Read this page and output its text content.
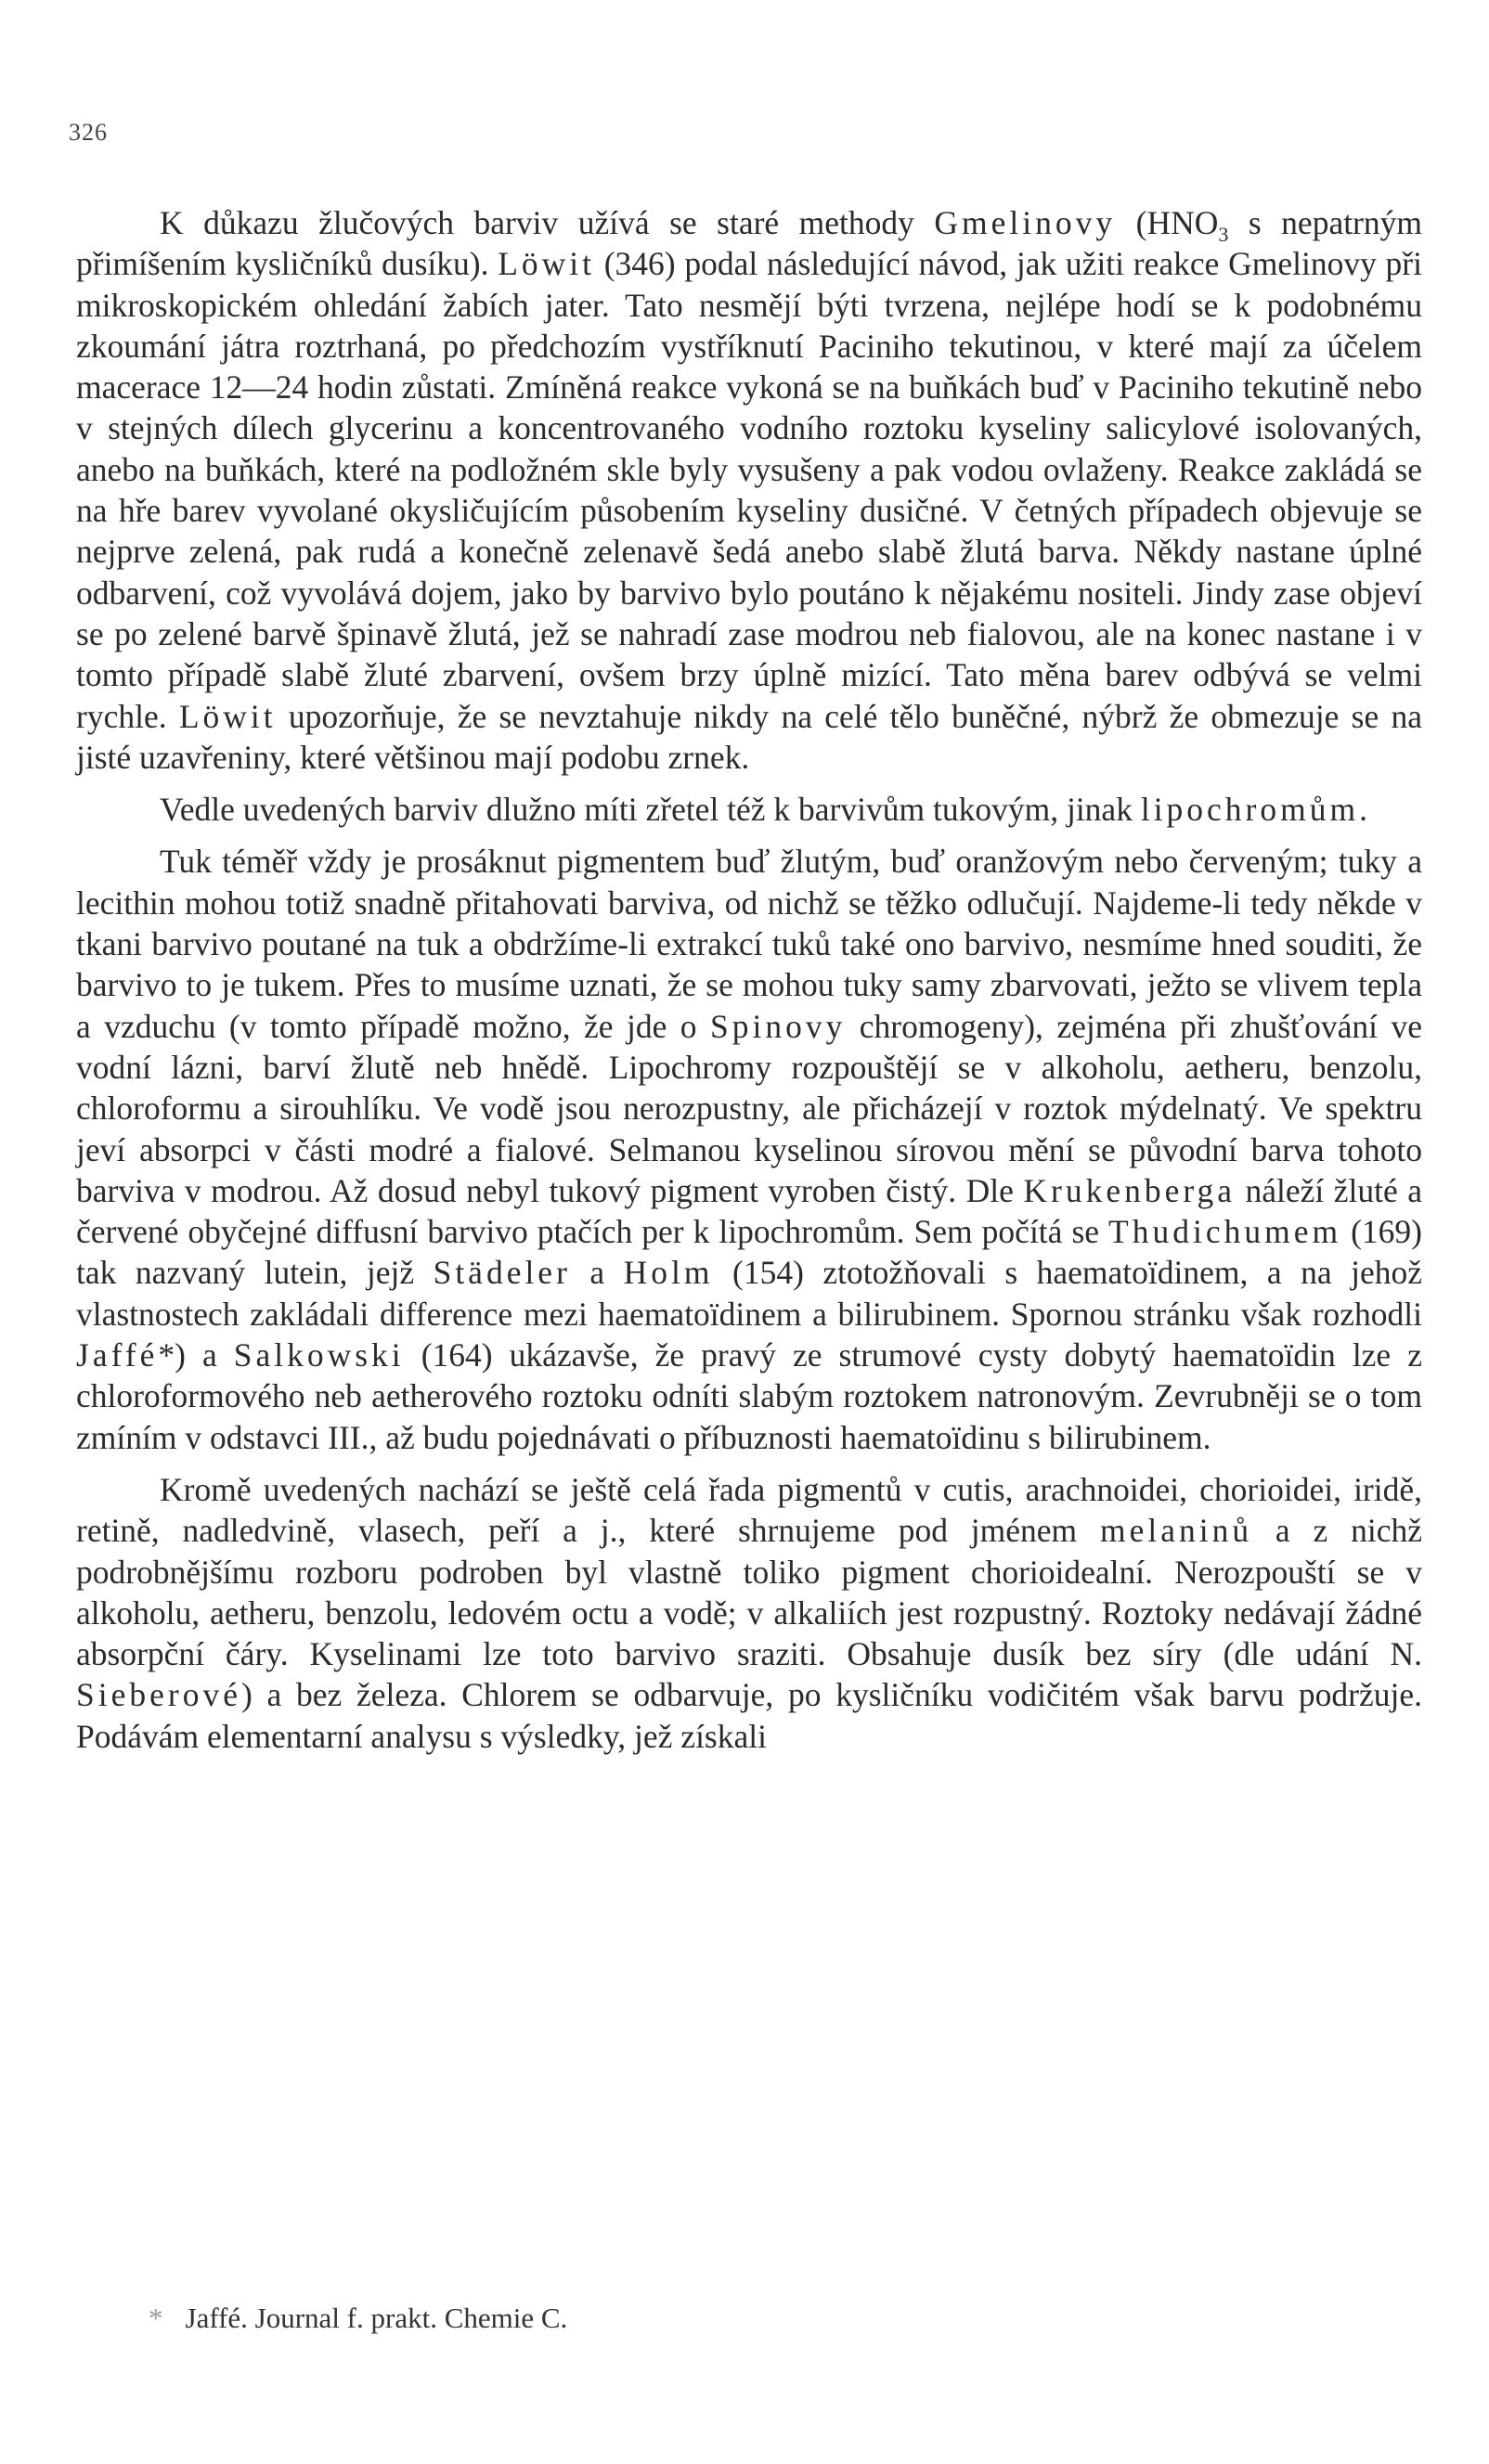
326

K důkazu žlučových barviv užívá se staré methody Gmelinovy ($HNO_3$ s nepatrným přimíšením kysličníků dusíku). Löwit (346) podal následující návod, jak užiti reakce Gmelinovy při mikroskopickém ohledání žabích jater. Tato nesmějí býti tvrzena, nejlépe hodí se k podobnému zkoumání játra roztrhaná, po předchozím vystříknutí Paciniho tekutinou, v které mají za účelem macerace 12—24 hodin zůstati. Zmíněná reakce vykoná se na buňkách buď v Paciniho tekutině nebo v stejných dílech glycerinu a koncentrovaného vodního roztoku kyseliny salicylové isolovaných, anebo na buňkách, které na podložném skle byly vysušeny a pak vodou ovlaženy. Reakce zakládá se na hře barev vyvolané okysličujícím působením kyseliny dusičné. V četných případech objevuje se nejprve zelená, pak rudá a konečně zelenavě šedá anebo slabě žlutá barva. Někdy nastane úplné odbarvení, což vyvolává dojem, jako by barvivo bylo poutáno k nějakému nositeli. Jindy zase objeví se po zelené barvě špinavě žlutá, jež se nahradí zase modrou neb fialovou, ale na konec nastane i v tomto případě slabě žluté zbarvení, ovšem brzy úplně mizící. Tato měna barev odbývá se velmi rychle. Löwit upozorňuje, že se nevztahuje nikdy na celé tělo buněčné, nýbrž že obmezuje se na jisté uzavřeniny, které většinou mají podobu zrnek.

Vedle uvedených barviv dlužno míti zřetel též k barvivům tukovým, jinak lipochromům.

Tuk téměř vždy je prosáknut pigmentem buď žlutým, buď oranžovým nebo červeným; tuky a lecithin mohou totiž snadně přitahovati barviva, od nichž se těžko odlučují. Najdeme-li tedy někde v tkani barvivo poutané na tuk a obdržíme-li extrakcí tuků také ono barvivo, nesmíme hned souditi, že barvivo to je tukem. Přes to musíme uznati, že se mohou tuky samy zbarvovati, ježto se vlivem tepla a vzduchu (v tomto případě možno, že jde o Spinovy chromogeny), zejména při zhušťování ve vodní lázni, barví žlutě neb hnědě. Lipochromy rozpouštějí se v alkoholu, aetheru, benzolu, chloroformu a sirouhlíku. Ve vodě jsou nerozpustny, ale přicházejí v roztok mýdelnatý. Ve spektru jeví absorpci v části modré a fialové. Selmanou kyselinou sírovou mění se původní barva tohoto barviva v modrou. Až dosud nebyl tukový pigment vyroben čistý. Dle Krukenberga náleží žluté a červené obyčejné diffusní barvivo ptačích per k lipochromům. Sem počítá se Thudichumem (169) tak nazvaný lutein, jejž Städeler a Holm (154) ztotožňovali s haematoïdinem, a na jehož vlastnostech zakládali difference mezi haematoïdinem a bilirubinem. Spornou stránku však rozhodli Jaffé*) a Salkowski (164) ukázavše, že pravý ze strumové cysty dobytý haematoïdin lze z chloroformového neb aetherového roztoku odníti slabým roztokem natronovým. Zevrubněji se o tom zmíním v odstavci III., až budu pojednávati o příbuznosti haematoïdinu s bilirubinem.

Kromě uvedených nachází se ještě celá řada pigmentů v cutis, arachnoidei, chorioidei, iridě, retině, nadledvině, vlasech, peří a j., které shrnujeme pod jménem melaninů a z nichž podrobnějšímu rozboru podroben byl vlastně toliko pigment chorioidealní. Nerozpouští se v alkoholu, aetheru, benzolu, ledovém octu a vodě; v alkaliích jest rozpustný. Roztoky nedávají žádné absorpční čáry. Kyselinami lze toto barvivo sraziti. Obsahuje dusík bez síry (dle udání N. Sieberové) a bez železa. Chlorem se odbarvuje, po kysličníku vodičitém však barvu podržuje. Podávám elementarní analysu s výsledky, jež získali

* Jaffé. Journal f. prakt. Chemie C.
